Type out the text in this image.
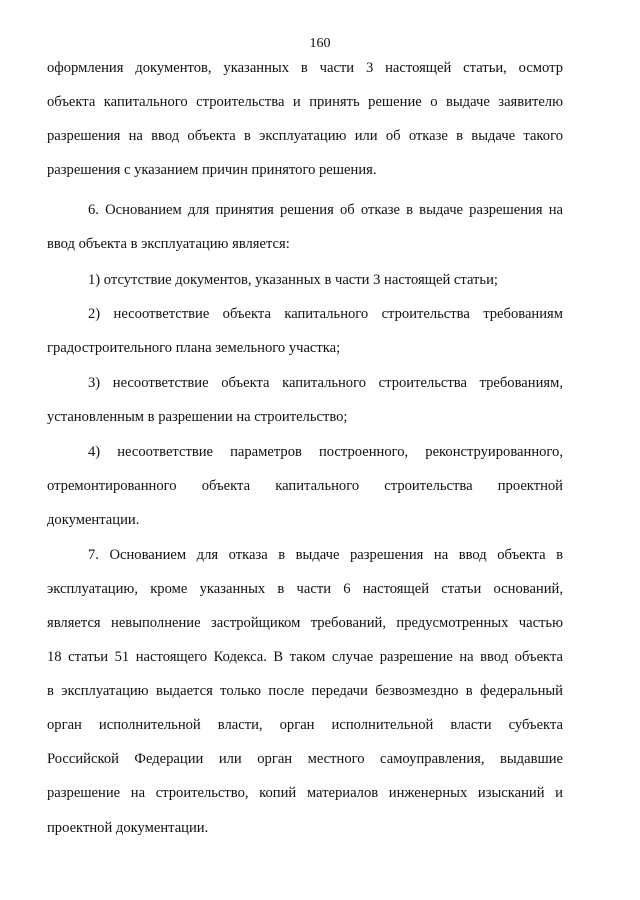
160
оформления документов, указанных в части 3 настоящей статьи, осмотр
объекта капитального строительства и принять решение о выдаче заявителю
разрешения на ввод объекта в эксплуатацию или об отказе в выдаче такого
разрешения с указанием причин принятого решения.
6. Основанием для принятия решения об отказе в выдаче разрешения на
ввод объекта в эксплуатацию является:
1) отсутствие документов, указанных в части 3 настоящей статьи;
2) несоответствие объекта капитального строительства требованиям
градостроительного плана земельного участка;
3) несоответствие объекта капитального строительства требованиям,
установленным в разрешении на строительство;
4) несоответствие параметров построенного, реконструированного,
отремонтированного объекта капитального строительства проектной
документации.
7. Основанием для отказа в выдаче разрешения на ввод объекта в
эксплуатацию, кроме указанных в части 6 настоящей статьи оснований,
является невыполнение застройщиком требований, предусмотренных частью
18 статьи 51 настоящего Кодекса. В таком случае разрешение на ввод объекта
в эксплуатацию выдается только после передачи безвозмездно в федеральный
орган исполнительной власти, орган исполнительной власти субъекта
Российской Федерации или орган местного самоуправления, выдавшие
разрешение на строительство, копий материалов инженерных изысканий и
проектной документации.
